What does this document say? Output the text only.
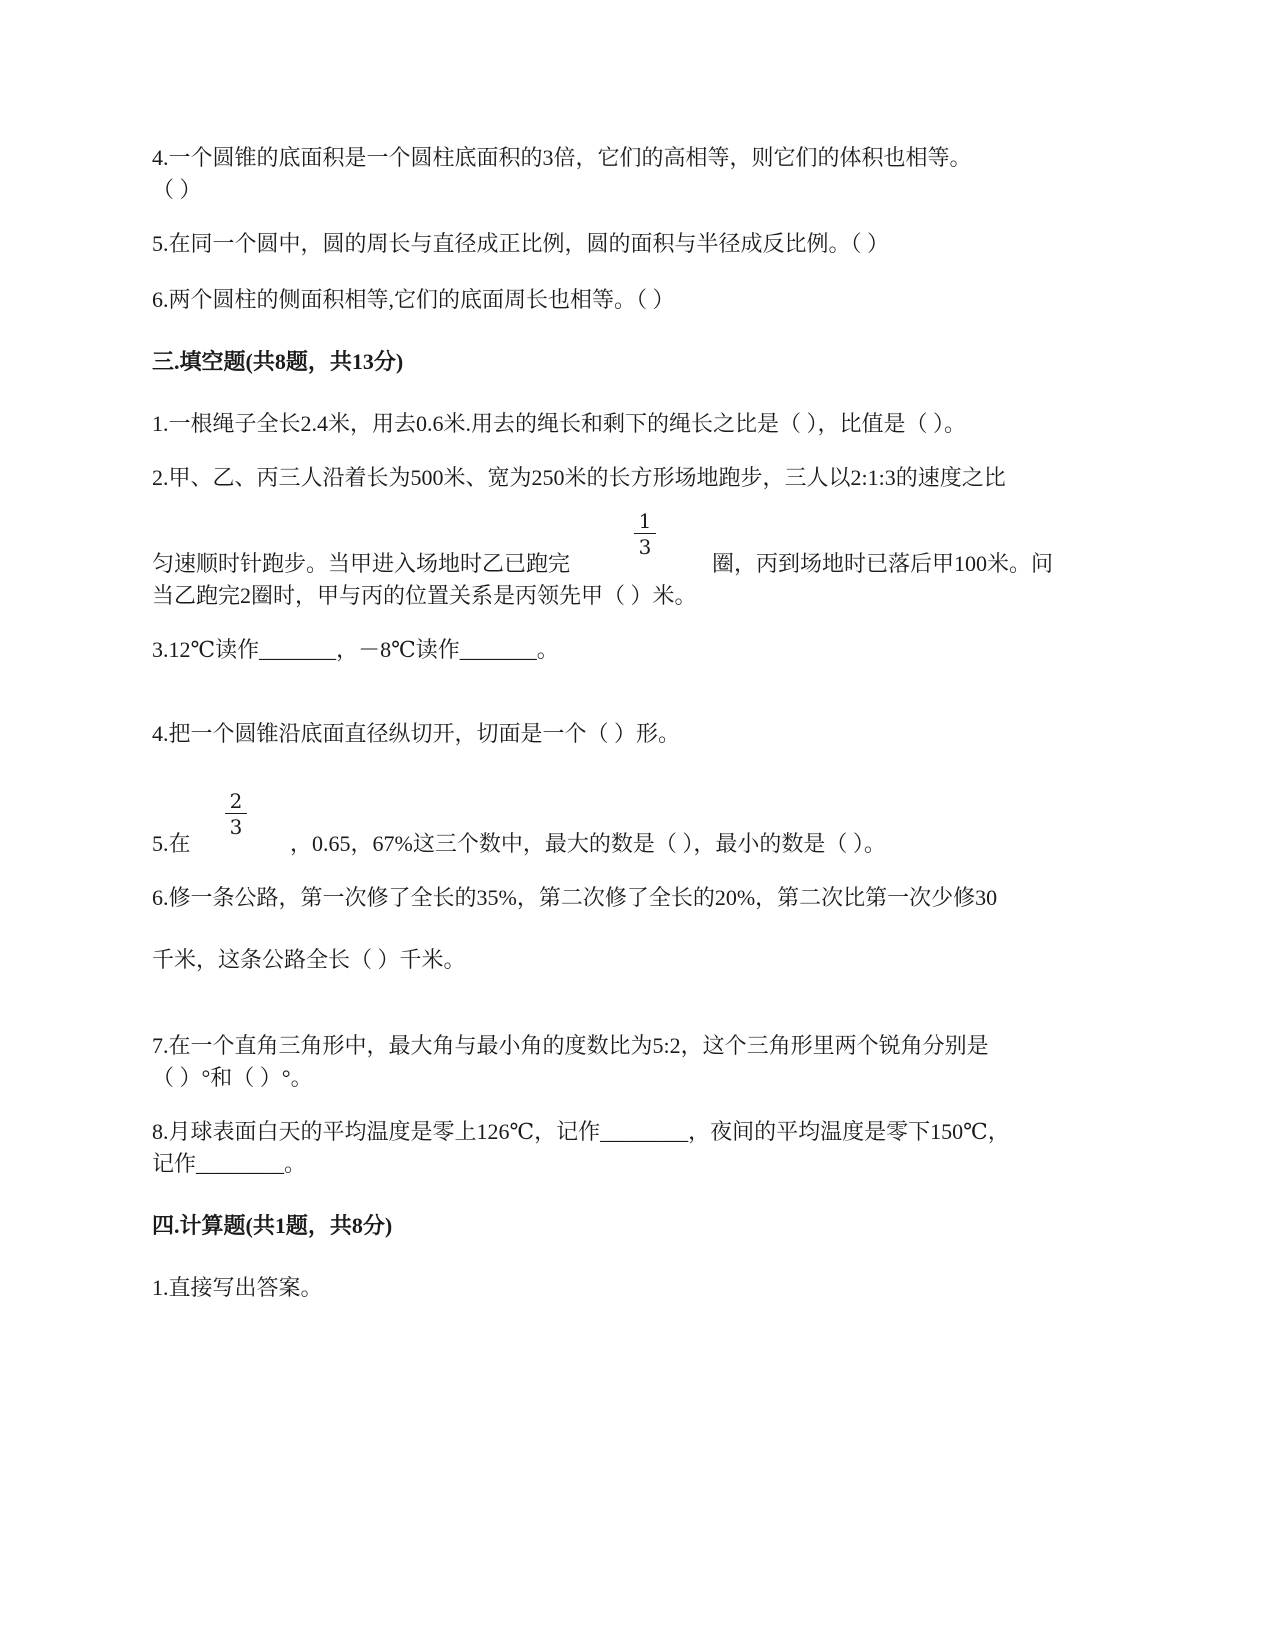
4.一个圆锥的底面积是一个圆柱底面积的3倍，它们的高相等，则它们的体积也相等。
（ ）
5.在同一个圆中，圆的周长与直径成正比例，圆的面积与半径成反比例。（ ）
6.两个圆柱的侧面积相等,它们的底面周长也相等。（ ）
三.填空题(共8题，共13分)
1.一根绳子全长2.4米，用去0.6米.用去的绳长和剩下的绳长之比是（ ），比值是（ ）。
2.甲、乙、丙三人沿着长为500米、宽为250米的长方形场地跑步，三人以2:1:3的速度之比
匀速顺时针跑步。当甲进入场地时乙已跑完
1
3
圈，丙到场地时已落后甲100米。问
当乙跑完2圈时，甲与丙的位置关系是丙领先甲（ ）米。
3.12℃读作_______，－8℃读作_______。
4.把一个圆锥沿底面直径纵切开，切面是一个（ ）形。
5.在
2
3
，0.65，67%这三个数中，最大的数是（ ），最小的数是（ ）。
6.修一条公路，第一次修了全长的35%，第二次修了全长的20%，第二次比第一次少修30
千米，这条公路全长（ ）千米。
7.在一个直角三角形中，最大角与最小角的度数比为5:2，这个三角形里两个锐角分别是
（ ）°和（ ）°。
8.月球表面白天的平均温度是零上126℃，记作________，夜间的平均温度是零下150℃，
记作________。
四.计算题(共1题，共8分)
1.直接写出答案。
